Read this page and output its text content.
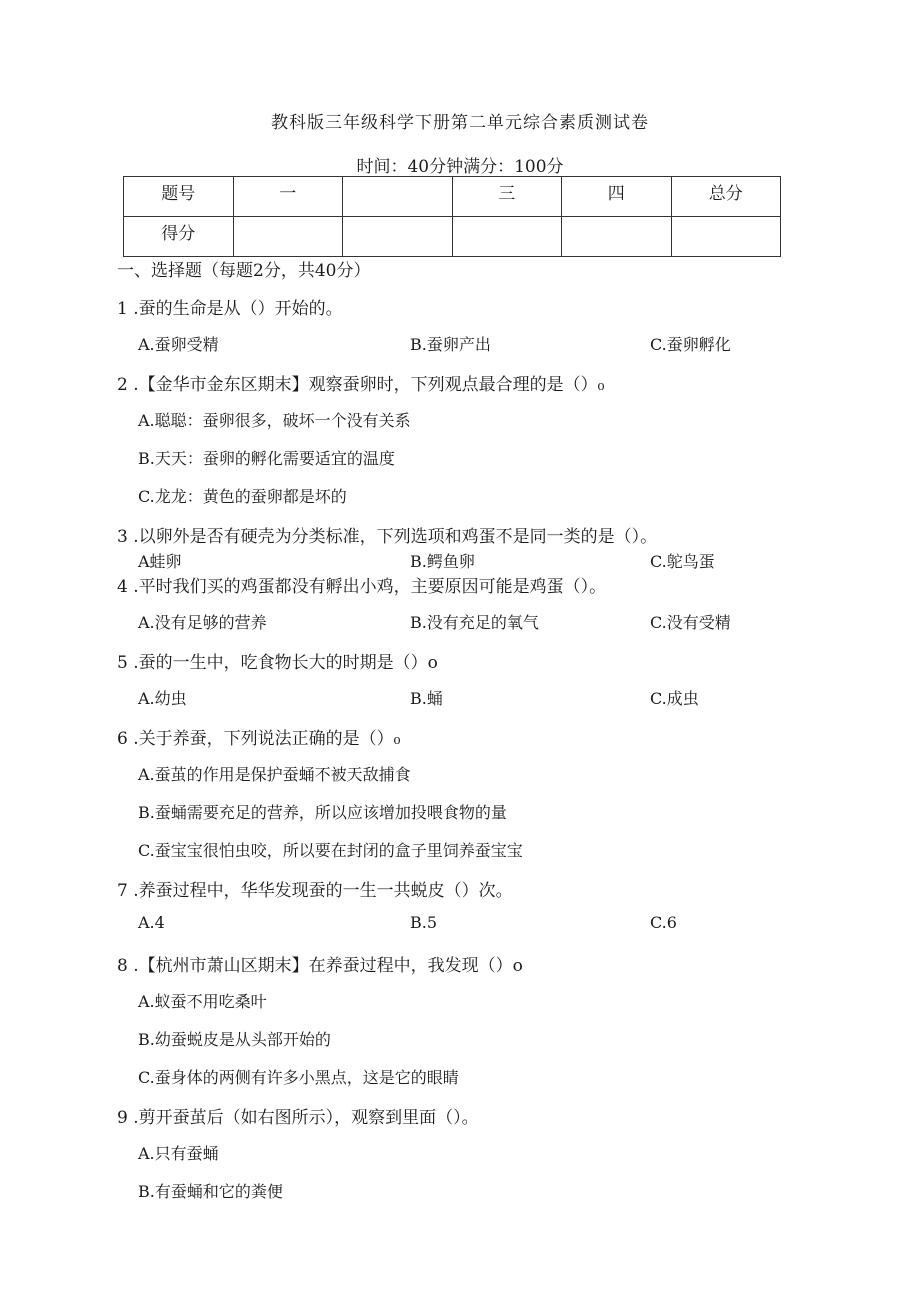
教科版三年级科学下册第二单元综合素质测试卷
时间：40分钟满分：100分
题号	一		三	四	总分
得分					
一、选择题（每题2分，共40分）
1 .蚕的生命是从（）开始的。
A.蚕卵受精	B.蚕卵产出	C.蚕卵孵化
2 .【金华市金东区期末】观察蚕卵时，下列观点最合理的是（）₀
A.聪聪：蚕卵很多，破坏一个没有关系
B.天天：蚕卵的孵化需要适宜的温度
C.龙龙：黄色的蚕卵都是坏的
3 .以卵外是否有硬壳为分类标准，下列选项和鸡蛋不是同一类的是（）。
A蛙卵	B.鳄鱼卵	C.鸵鸟蛋
4 .平时我们买的鸡蛋都没有孵出小鸡，主要原因可能是鸡蛋（）。
A.没有足够的营养	B.没有充足的氧气	C.没有受精
5 .蚕的一生中，吃食物长大的时期是（）o
A.幼虫	B.蛹	C.成虫
6 .关于养蚕，下列说法正确的是（）₀
A.蚕茧的作用是保护蚕蛹不被天敌捕食
B.蚕蛹需要充足的营养，所以应该增加投喂食物的量
C.蚕宝宝很怕虫咬，所以要在封闭的盒子里饲养蚕宝宝
7 .养蚕过程中，华华发现蚕的一生一共蜕皮（）次。
A.4	B.5	C.6
8 .【杭州市萧山区期末】在养蚕过程中，我发现（）o
A.蚁蚕不用吃桑叶
B.幼蚕蜕皮是从头部开始的
C.蚕身体的两侧有许多小黑点，这是它的眼睛
9 .剪开蚕茧后（如右图所示），观察到里面（）。
A.只有蚕蛹
B.有蚕蛹和它的粪便
